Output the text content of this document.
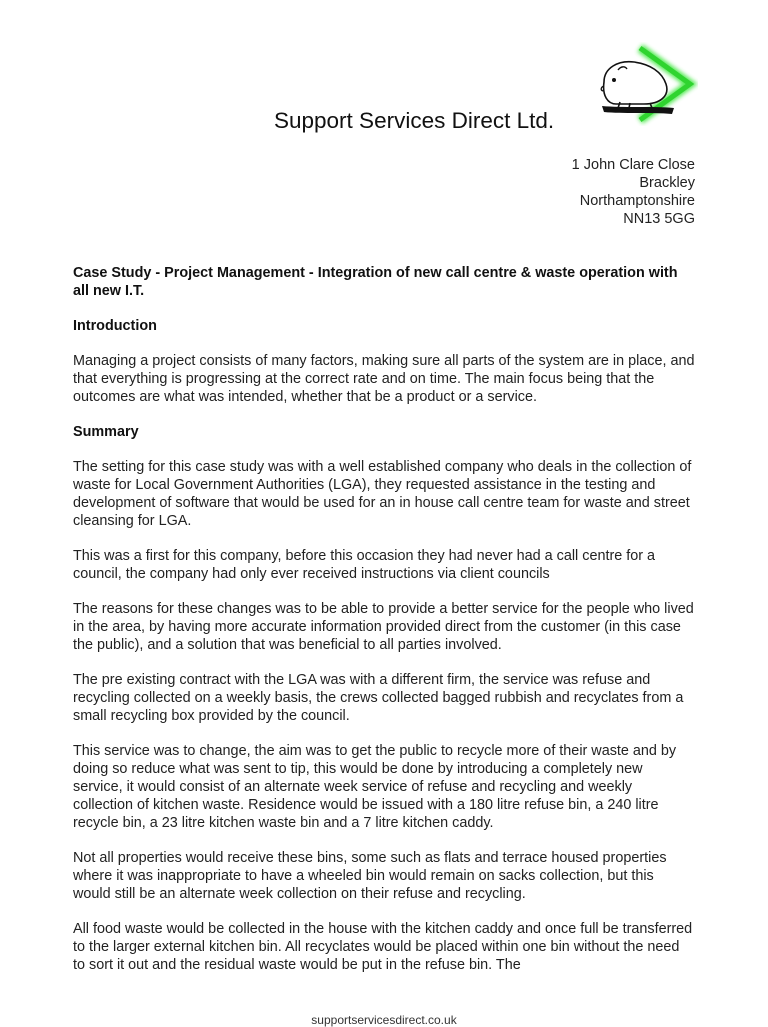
Support Services Direct Ltd.
1 John Clare Close
Brackley
Northamptonshire
NN13 5GG
Case Study - Project Management - Integration of new call centre & waste operation with all new I.T.
Introduction

Managing a project consists of many factors, making sure all parts of the system are in place, and that everything is progressing at the correct rate and on time. The main focus being that the outcomes are what was intended, whether that be a product or a service.

Summary

The setting for this case study was with a well established company who deals in the collection of waste for Local Government Authorities (LGA), they requested assistance in the testing and development of software that would be used for an in house call centre team for waste and street cleansing for LGA.

This was a first for this company, before this occasion they had never had a call centre for a council, the company had only ever received instructions via client councils

The reasons for these changes was to be able to provide a better service for the people who lived in the area, by having more accurate information provided direct from the customer (in this case the public), and a solution that was beneficial to all parties involved.

The pre existing contract with the LGA was with a different firm, the service was refuse and recycling collected on a weekly basis, the crews collected bagged rubbish and recyclates from a small recycling box provided by the council.

This service was to change, the aim was to get the public to recycle more of their waste and by doing so reduce what was sent to tip, this would be done by introducing a completely new service, it would consist of an alternate week service of refuse and recycling and weekly collection of kitchen waste. Residence would be issued with a 180 litre refuse bin, a 240 litre recycle bin, a 23 litre kitchen waste bin and a 7 litre kitchen caddy.

Not all properties would receive these bins, some such as flats and terrace housed properties where it was inappropriate to have a wheeled bin would remain on sacks collection, but this would still be an alternate week collection on their refuse and recycling.

All food waste would be collected in the house with the kitchen caddy and once full be transferred to the larger external kitchen bin. All recyclates would be placed within one bin without the need to sort it out and the residual waste would be put in the refuse bin. The

supportservicesdirect.co.uk
